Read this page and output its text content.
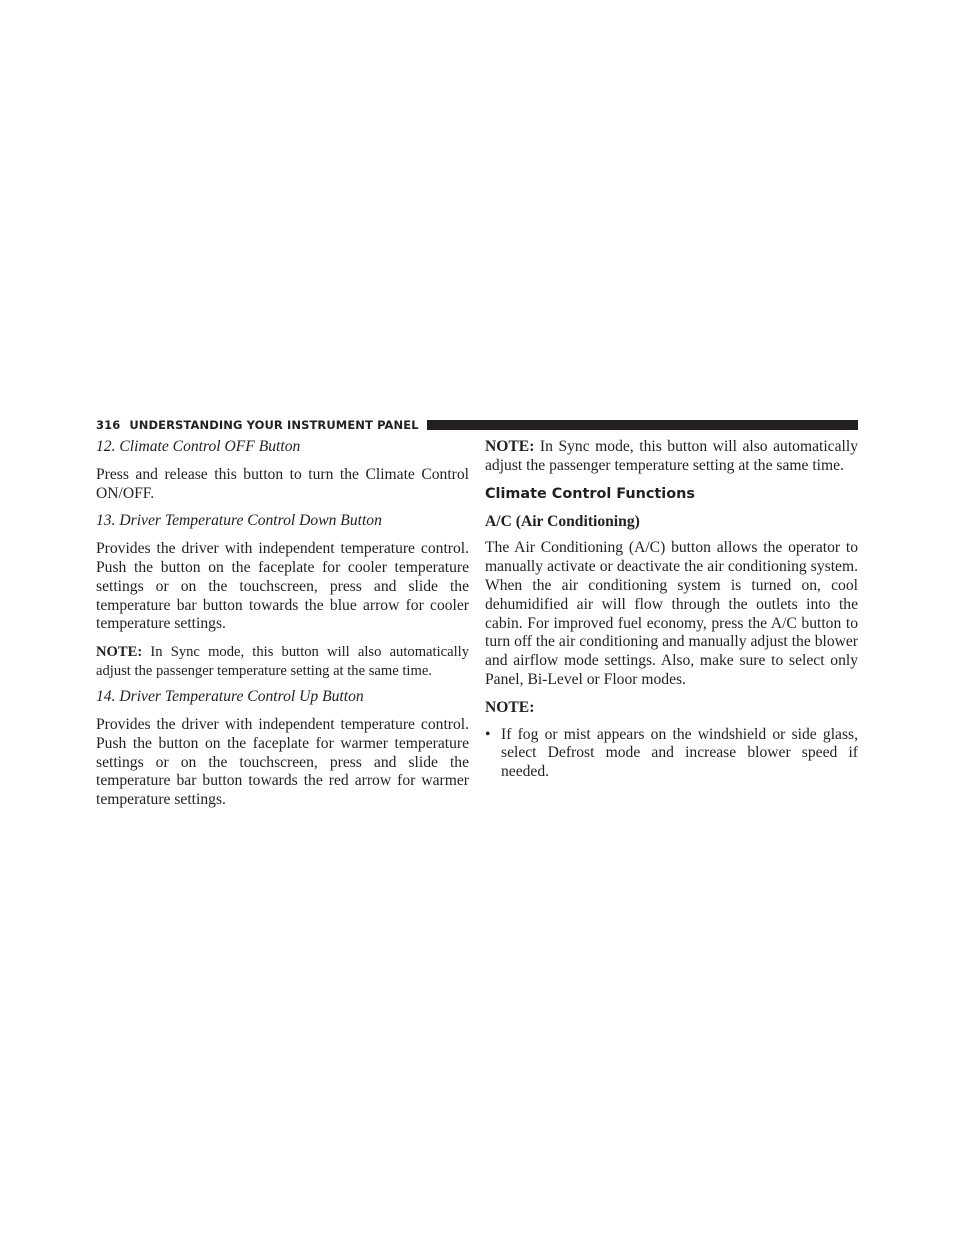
316 UNDERSTANDING YOUR INSTRUMENT PANEL

12. Climate Control OFF Button

Press and release this button to turn the Climate Control ON/OFF.

13. Driver Temperature Control Down Button

Provides the driver with independent temperature control. Push the button on the faceplate for cooler temperature settings or on the touchscreen, press and slide the temperature bar button towards the blue arrow for cooler temperature settings.

NOTE: In Sync mode, this button will also automatically adjust the passenger temperature setting at the same time.

14. Driver Temperature Control Up Button

Provides the driver with independent temperature control. Push the button on the faceplate for warmer temperature settings or on the touchscreen, press and slide the temperature bar button towards the red arrow for warmer temperature settings.

NOTE: In Sync mode, this button will also automatically adjust the passenger temperature setting at the same time.

Climate Control Functions

A/C (Air Conditioning)

The Air Conditioning (A/C) button allows the operator to manually activate or deactivate the air conditioning system. When the air conditioning system is turned on, cool dehumidified air will flow through the outlets into the cabin. For improved fuel economy, press the A/C button to turn off the air conditioning and manually adjust the blower and airflow mode settings. Also, make sure to select only Panel, Bi-Level or Floor modes.

NOTE:

• If fog or mist appears on the windshield or side glass, select Defrost mode and increase blower speed if needed.
